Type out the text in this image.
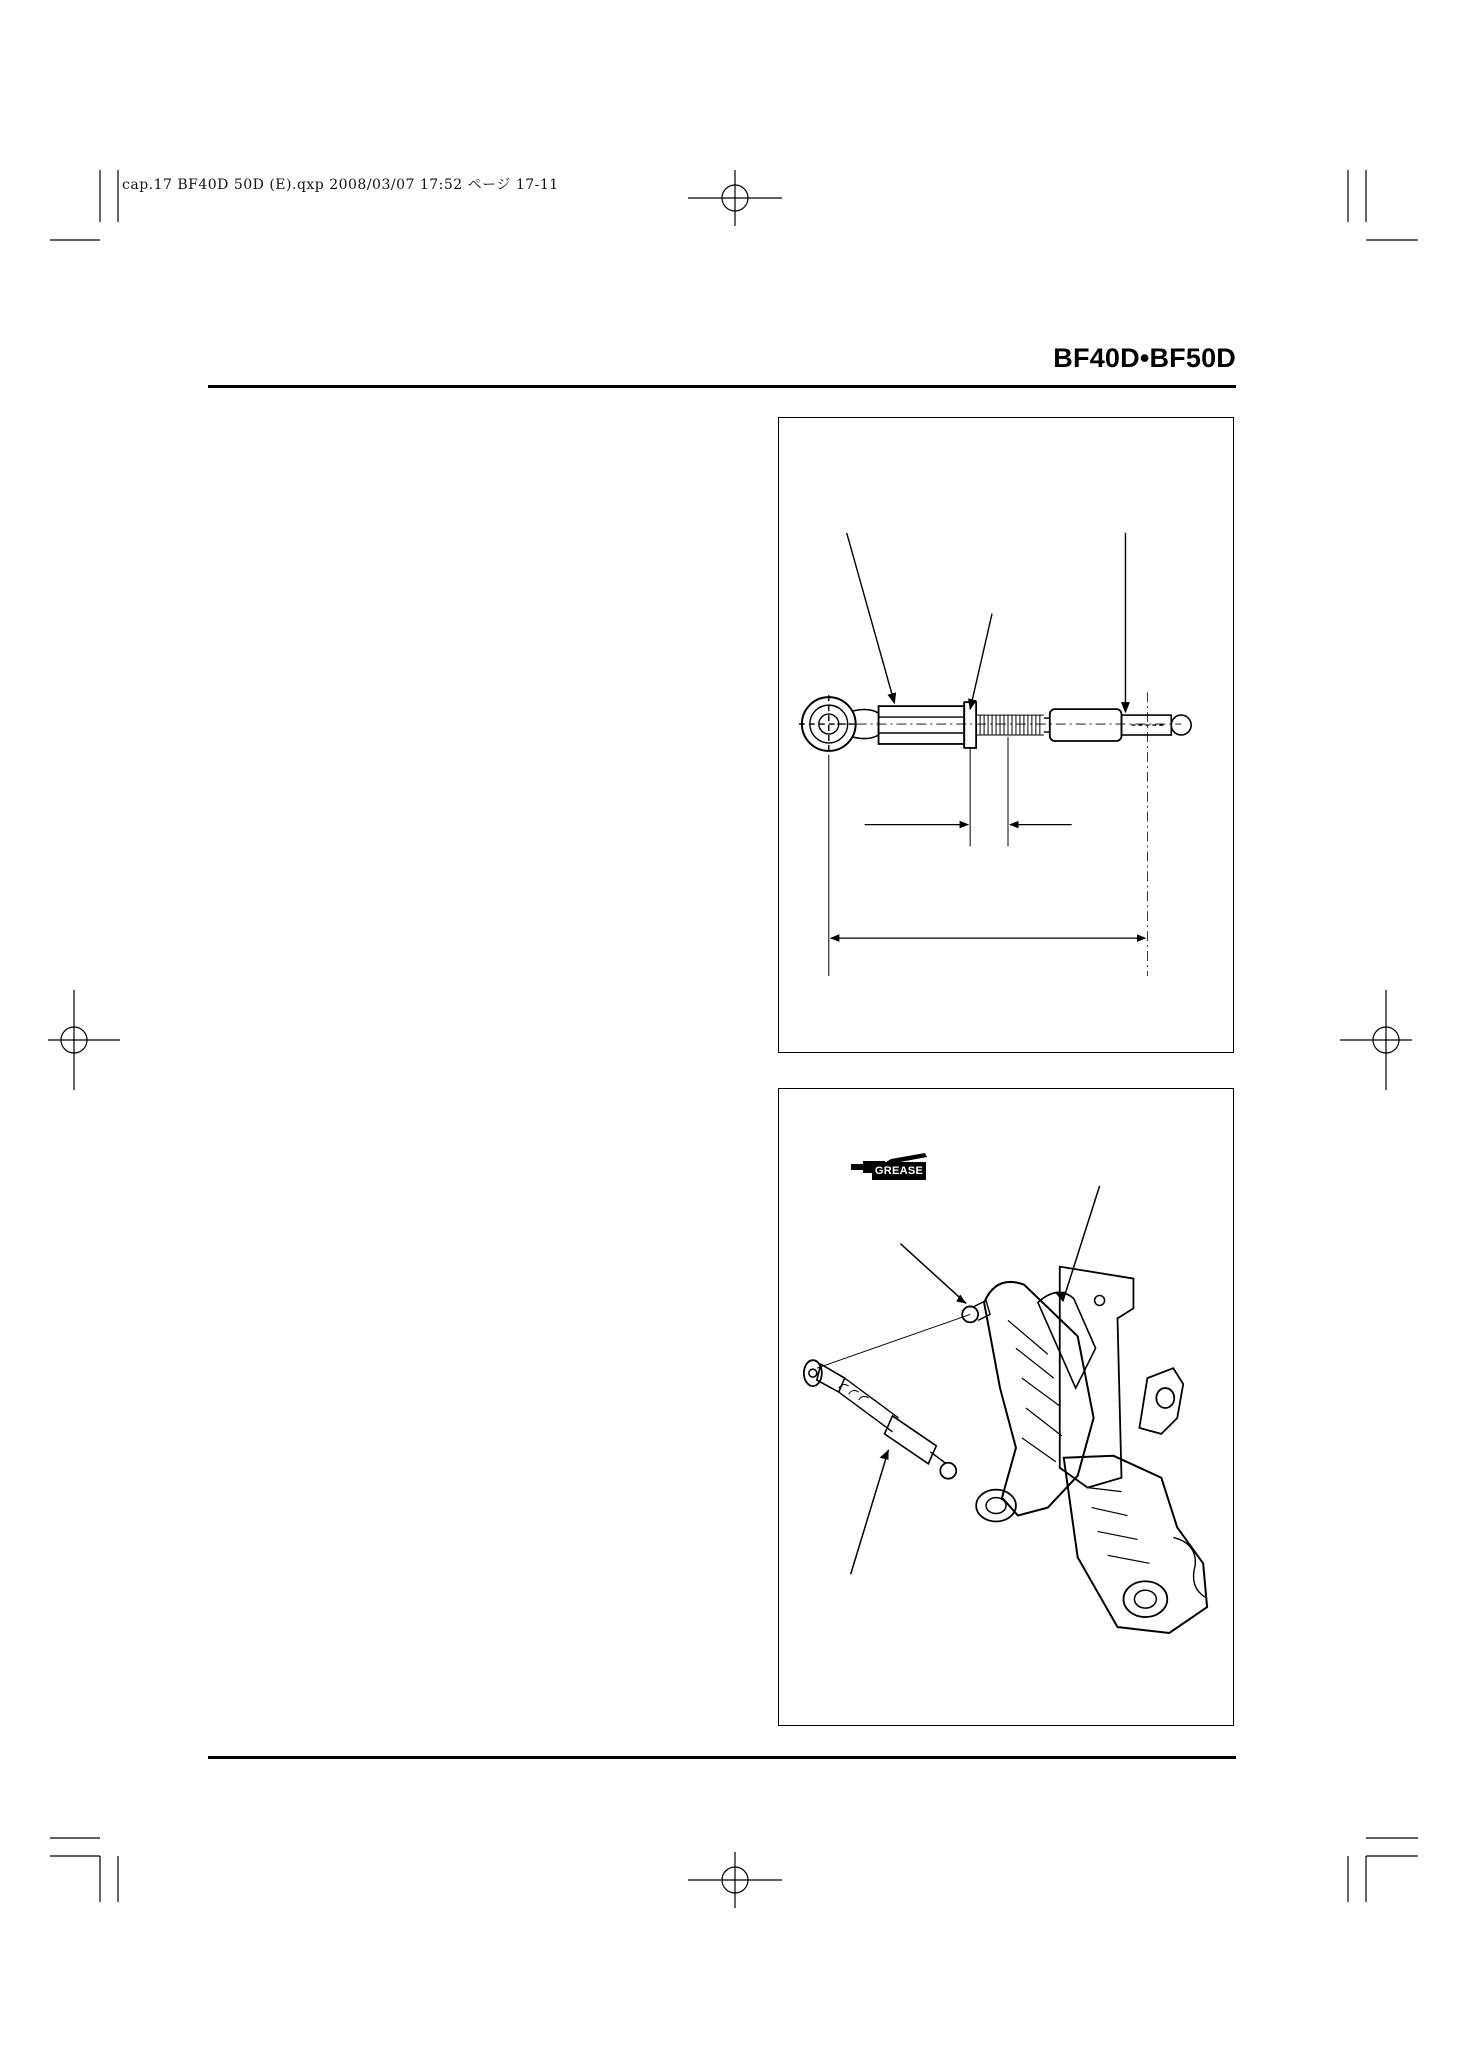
cap.17 BF40D 50D (E).qxp 2008/03/07 17:52 ページ 17-11
BF40D•BF50D
GREASE
